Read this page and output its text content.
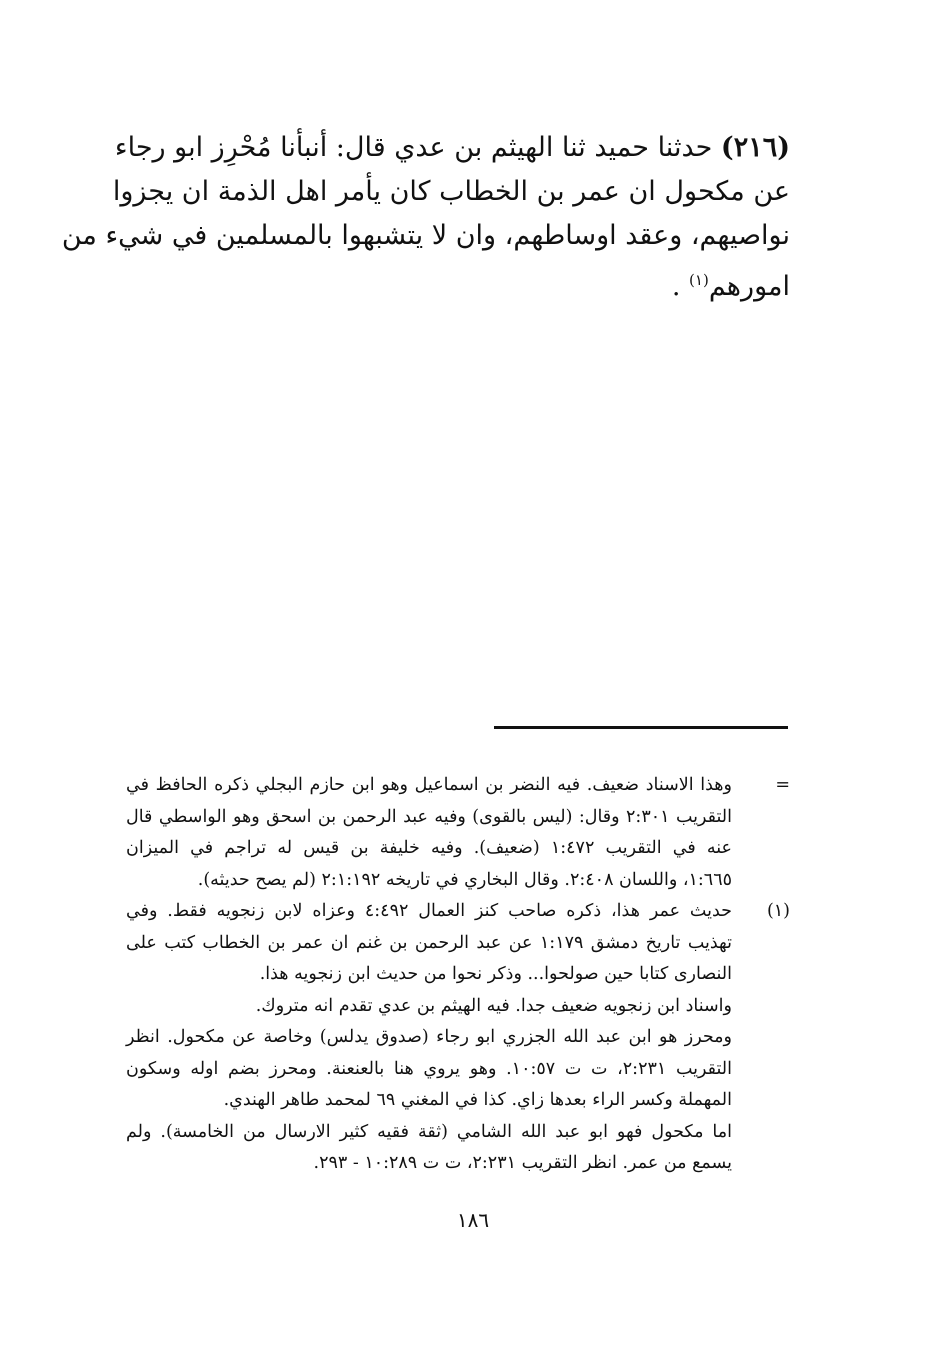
(٢١٦) حدثنا حميد ثنا الهيثم بن عدي قال: أنبأنا مُحْرِز ابو رجاء
عن مكحول ان عمر بن الخطاب كان يأمر اهل الذمة ان يجزوا
نواصيهم، وعقد اوساطهم، وان لا يتشبهوا بالمسلمين في شيء من
امورهم$^{(١)}$ .
=
وهذا الاسناد ضعيف. فيه النضر بن اسماعيل وهو ابن حازم البجلي ذكره الحافظ في
التقريب ٢:٣٠١ وقال: (ليس بالقوى) وفيه عبد الرحمن بن اسحق وهو الواسطي قال
عنه في التقريب ١:٤٧٢ (ضعيف). وفيه خليفة بن قيس له تراجم في الميزان
١:٦٦٥، واللسان ٢:٤٠٨. وقال البخاري في تاريخه ٢:١:١٩٢ (لم يصح حديثه).
(١)
حديث عمر هذا، ذكره صاحب كنز العمال ٤:٤٩٢ وعزاه لابن زنجويه فقط. وفي
تهذيب تاريخ دمشق ١:١٧٩ عن عبد الرحمن بن غنم ان عمر بن الخطاب كتب على
النصارى كتابا حين صولحوا... وذكر نحوا من حديث ابن زنجويه هذا.
واسناد ابن زنجويه ضعيف جدا. فيه الهيثم بن عدي تقدم انه متروك.
ومحرز هو ابن عبد الله الجزري ابو رجاء (صدوق يدلس) وخاصة عن مكحول. انظر
التقريب ٢:٢٣١، ت ت ١٠:٥٧. وهو يروي هنا بالعنعنة. ومحرز بضم اوله وسكون
المهملة وكسر الراء بعدها زاي. كذا في المغني ٦٩ لمحمد طاهر الهندي.
اما مكحول فهو ابو عبد الله الشامي (ثقة فقيه كثير الارسال من الخامسة). ولم
يسمع من عمر. انظر التقريب ٢:٢٣١، ت ت ١٠:٢٨٩ - ٢٩٣.
١٨٦
